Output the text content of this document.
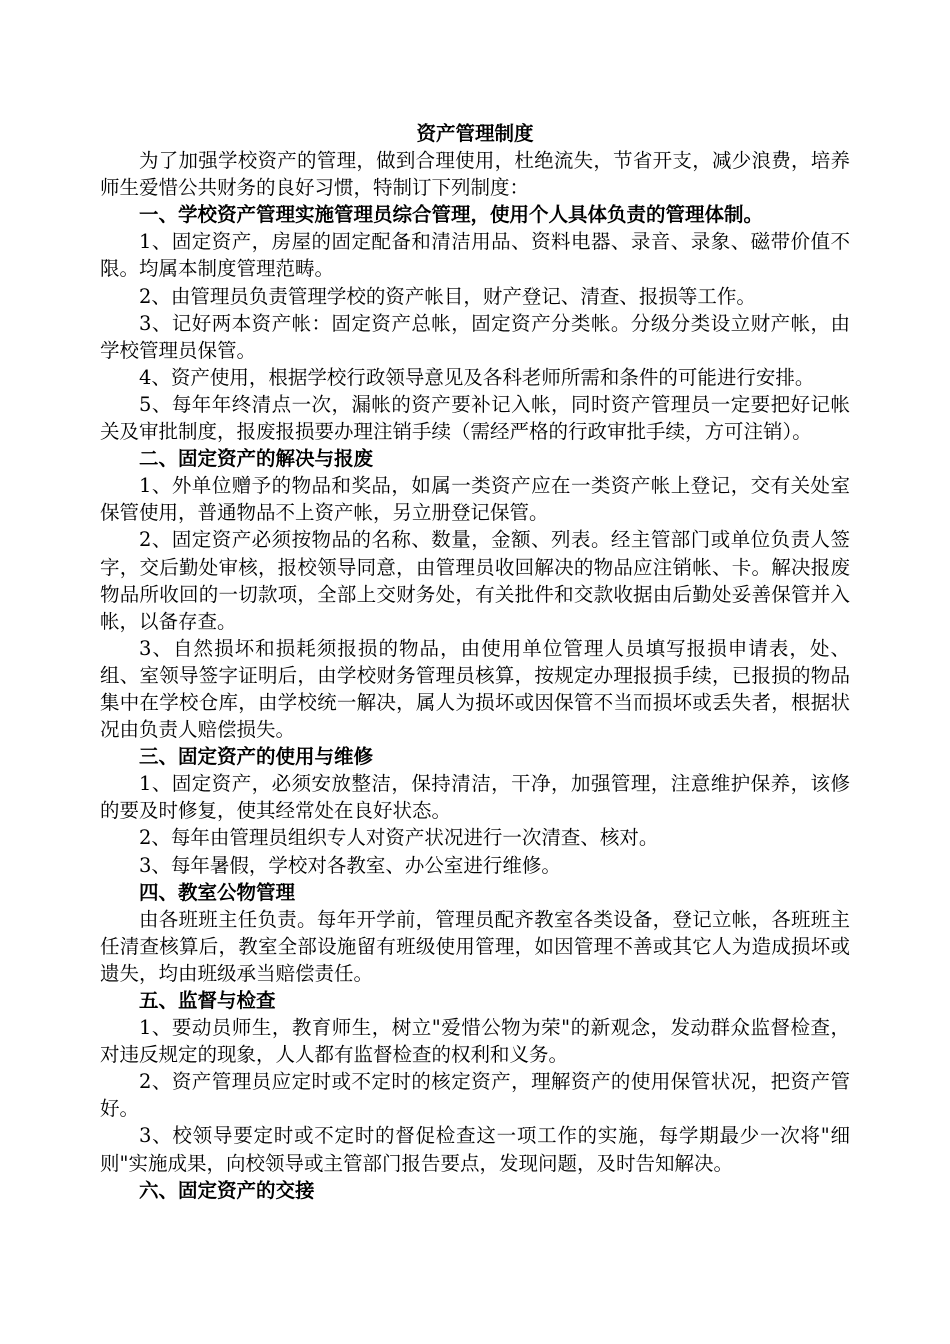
资产管理制度

为了加强学校资产的管理，做到合理使用，杜绝流失，节省开支，减少浪费，培养师生爱惜公共财务的良好习惯，特制订下列制度：

一、学校资产管理实施管理员综合管理，使用个人具体负责的管理体制。

1、固定资产，房屋的固定配备和清洁用品、资料电器、录音、录象、磁带价值不限。均属本制度管理范畴。

2、由管理员负责管理学校的资产帐目，财产登记、清查、报损等工作。

3、记好两本资产帐：固定资产总帐，固定资产分类帐。分级分类设立财产帐，由学校管理员保管。

4、资产使用，根据学校行政领导意见及各科老师所需和条件的可能进行安排。

5、每年年终清点一次，漏帐的资产要补记入帐，同时资产管理员一定要把好记帐关及审批制度，报废报损要办理注销手续（需经严格的行政审批手续，方可注销）。

二、固定资产的解决与报废

1、外单位赠予的物品和奖品，如属一类资产应在一类资产帐上登记，交有关处室保管使用，普通物品不上资产帐，另立册登记保管。

2、固定资产必须按物品的名称、数量，金额、列表。经主管部门或单位负责人签字，交后勤处审核，报校领导同意，由管理员收回解决的物品应注销帐、卡。解决报废物品所收回的一切款项，全部上交财务处，有关批件和交款收据由后勤处妥善保管并入帐，以备存查。

3、自然损坏和损耗须报损的物品，由使用单位管理人员填写报损申请表，处、组、室领导签字证明后，由学校财务管理员核算，按规定办理报损手续，已报损的物品集中在学校仓库，由学校统一解决，属人为损坏或因保管不当而损坏或丢失者，根据状况由负责人赔偿损失。

三、固定资产的使用与维修

1、固定资产，必须安放整洁，保持清洁，干净，加强管理，注意维护保养，该修的要及时修复，使其经常处在良好状态。

2、每年由管理员组织专人对资产状况进行一次清查、核对。

3、每年暑假，学校对各教室、办公室进行维修。

四、教室公物管理

由各班班主任负责。每年开学前，管理员配齐教室各类设备，登记立帐，各班班主任清查核算后，教室全部设施留有班级使用管理，如因管理不善或其它人为造成损坏或遗失，均由班级承当赔偿责任。

五、监督与检查

1、要动员师生，教育师生，树立"爱惜公物为荣"的新观念，发动群众监督检查，对违反规定的现象，人人都有监督检查的权利和义务。

2、资产管理员应定时或不定时的核定资产，理解资产的使用保管状况，把资产管好。

3、校领导要定时或不定时的督促检查这一项工作的实施，每学期最少一次将"细则"实施成果，向校领导或主管部门报告要点，发现问题，及时告知解决。

六、固定资产的交接
